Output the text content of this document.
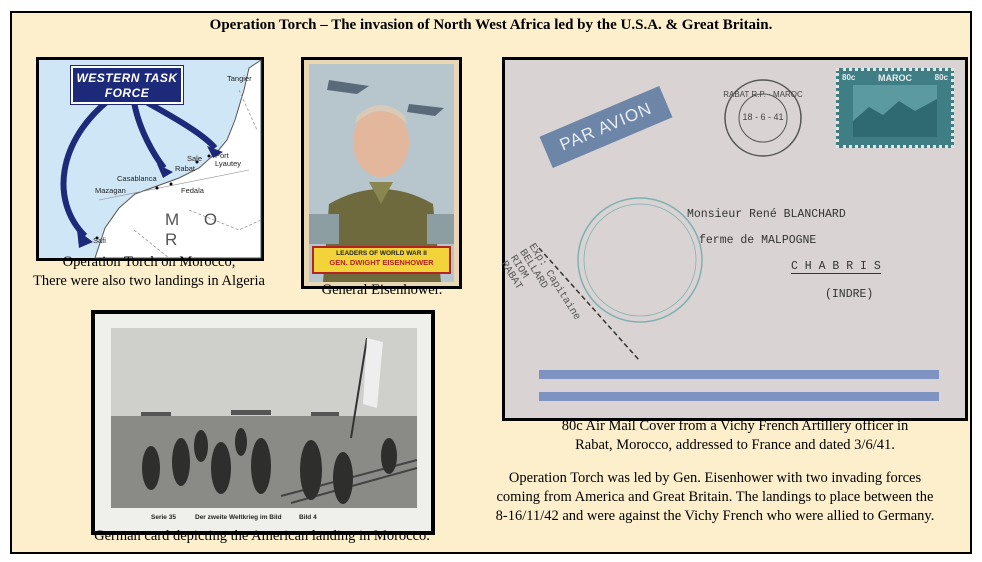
Operation Torch – The invasion of North West Africa led by the U.S.A. & Great Britain.
WESTERN TASK
FORCE
Tangier
Sale
Rabat
Port Lyautey
Casablanca
Mazagan	Fedala
Safi
M O R
Operation Torch on Morocco,
There were also two landings in Algeria
LEADERS OF WORLD WAR II
GEN. DWIGHT EISENHOWER
General Eisenhower.
PAR AVION
RABAT R.P. · MAROC
18 - 6 - 41
MAROC
80c	80c
Monsieur René BLANCHARD
ferme de MALPOGNE
C H A B R I S
(INDRE)
Exp: Capitaine
BELLARD
RIOM
RABAT
80c Air Mail Cover from a Vichy French Artillery officer in
Rabat, Morocco, addressed to France and dated 3/6/41.
Operation Torch was led by Gen. Eisenhower with two invading forces
coming from America and Great Britain. The landings to place between the
8-16/11/42 and were against the Vichy French who were allied to Germany.
Serie 35	Der zweite Weltkrieg im Bild	Bild 4
German card depicting the American landing in Morocco.
